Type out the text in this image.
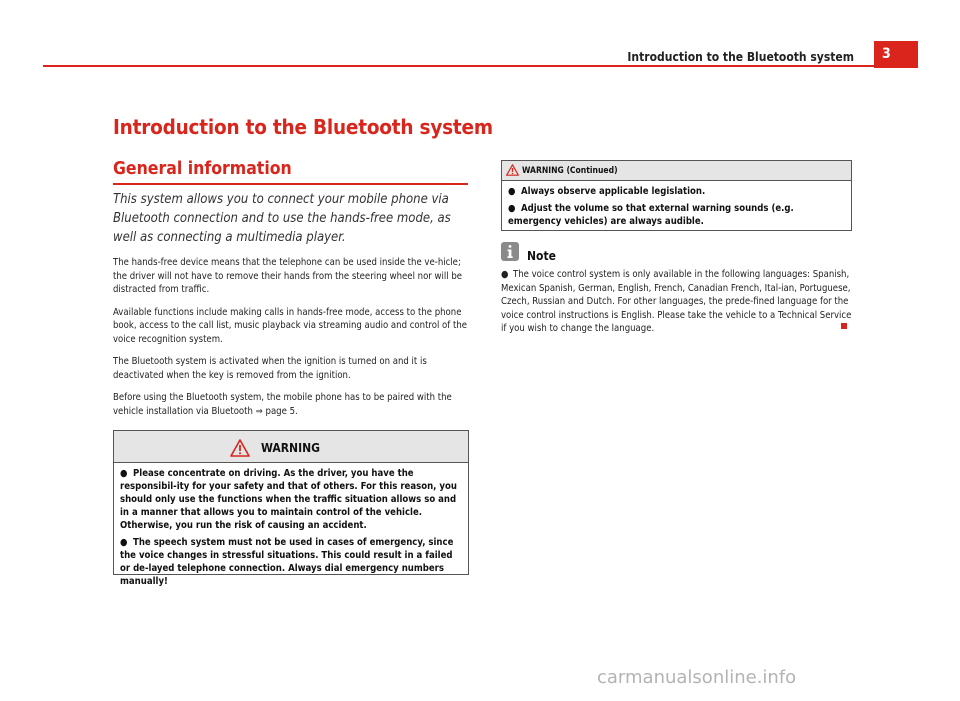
Introduction to the Bluetooth system	3
Introduction to the Bluetooth system
General information

This system allows you to connect your mobile phone via Bluetooth connection and to use the hands-free mode, as well as connecting a multimedia player.

The hands-free device means that the telephone can be used inside the ve-hicle; the driver will not have to remove their hands from the steering wheel nor will be distracted from traffic.

Available functions include making calls in hands-free mode, access to the phone book, access to the call list, music playback via streaming audio and control of the voice recognition system.

The Bluetooth system is activated when the ignition is turned on and it is deactivated when the key is removed from the ignition.

Before using the Bluetooth system, the mobile phone has to be paired with the vehicle installation via Bluetooth ⇒ page 5.

WARNING

● Please concentrate on driving. As the driver, you have the responsibil-ity for your safety and that of others. For this reason, you should only use the functions when the traffic situation allows so and in a manner that allows you to maintain control of the vehicle. Otherwise, you run the risk of causing an accident.

● The speech system must not be used in cases of emergency, since the voice changes in stressful situations. This could result in a failed or de-layed telephone connection. Always dial emergency numbers manually!

WARNING (Continued)

● Always observe applicable legislation.

● Adjust the volume so that external warning sounds (e.g. emergency vehicles) are always audible.

Note

● The voice control system is only available in the following languages: Spanish, Mexican Spanish, German, English, French, Canadian French, Ital-ian, Portuguese, Czech, Russian and Dutch. For other languages, the prede-fined language for the voice control instructions is English. Please take the vehicle to a Technical Service if you wish to change the language.

carmanualsonline.info
